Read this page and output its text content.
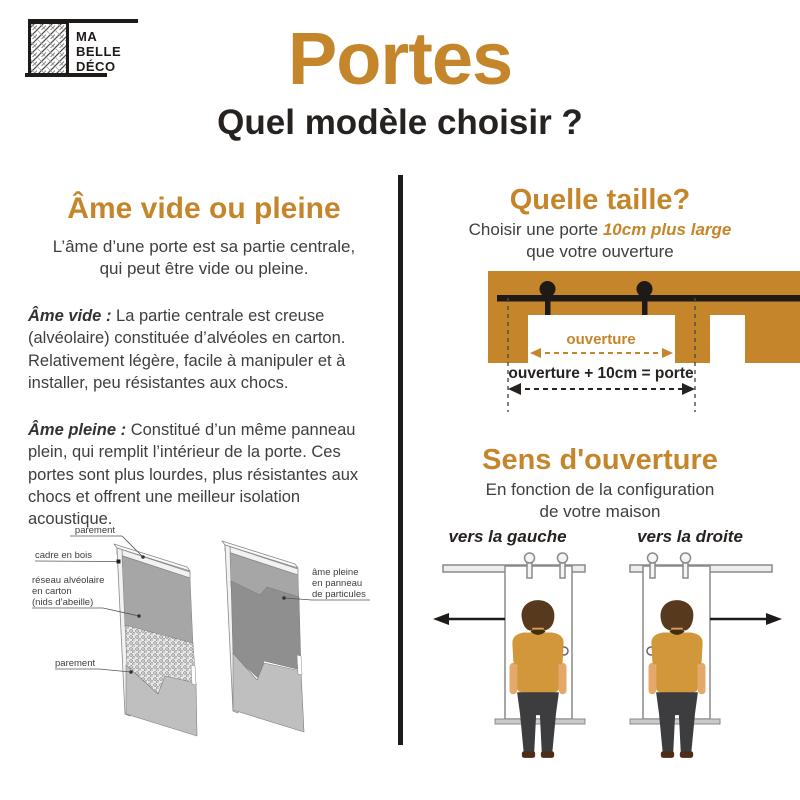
MA
BELLE
DÉCO	Portes
Quel modèle choisir ?
Âme vide ou pleine
L’âme d’une porte est sa partie centrale,
qui peut être vide ou pleine.

Âme vide : La partie centrale est creuse (alvéolaire) constituée d’alvéoles en carton. Relativement légère, facile à manipuler et à installer, peu résistantes aux chocs.

Âme pleine : Constitué d’un même panneau plein, qui remplit l’intérieur de la porte. Ces portes sont plus lourdes, plus résistantes aux chocs et offrent une meilleur isolation acoustique.

parement
cadre en bois
réseau alvéolaire
en carton
(nids d’abeille)
parement
âme pleine
en panneau
de particules
Quelle taille?
Choisir une porte 10cm plus large
que votre ouverture
ouverture
ouverture + 10cm = porte
Sens d'ouverture
En fonction de la configuration
de votre maison
vers la gauche	vers la droite
